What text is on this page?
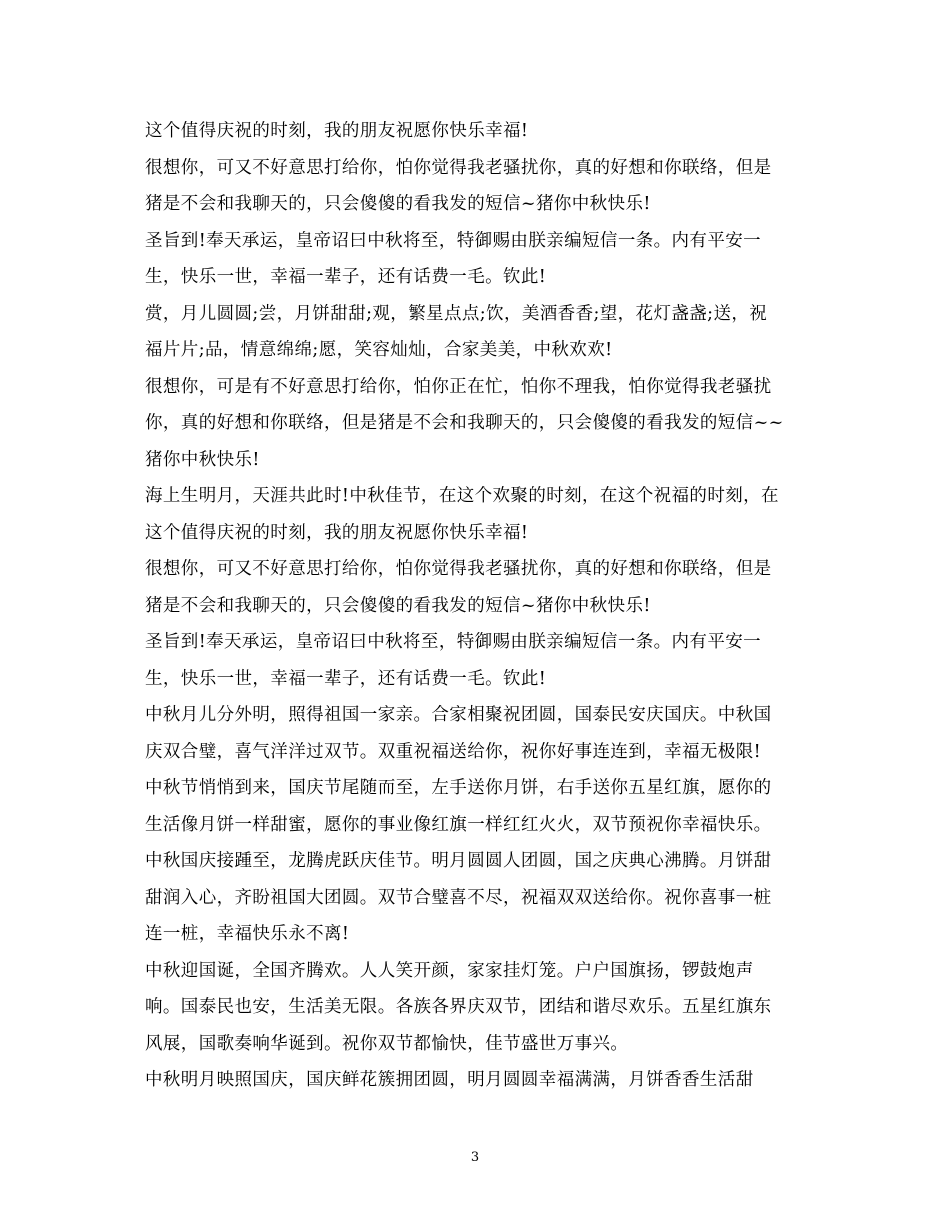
这个值得庆祝的时刻，我的朋友祝愿你快乐幸福!

很想你，可又不好意思打给你，怕你觉得我老骚扰你，真的好想和你联络，但是

猪是不会和我聊天的，只会傻傻的看我发的短信~猪你中秋快乐!

圣旨到!奉天承运，皇帝诏曰中秋将至，特御赐由朕亲编短信一条。内有平安一

生，快乐一世，幸福一辈子，还有话费一毛。钦此!

赏，月儿圆圆;尝，月饼甜甜;观，繁星点点;饮，美酒香香;望，花灯盏盏;送，祝

福片片;品，情意绵绵;愿，笑容灿灿，合家美美，中秋欢欢!

很想你，可是有不好意思打给你，怕你正在忙，怕你不理我，怕你觉得我老骚扰

你，真的好想和你联络，但是猪是不会和我聊天的，只会傻傻的看我发的短信~~

猪你中秋快乐!

海上生明月，天涯共此时!中秋佳节，在这个欢聚的时刻，在这个祝福的时刻，在

这个值得庆祝的时刻，我的朋友祝愿你快乐幸福!

很想你，可又不好意思打给你，怕你觉得我老骚扰你，真的好想和你联络，但是

猪是不会和我聊天的，只会傻傻的看我发的短信~猪你中秋快乐!

圣旨到!奉天承运，皇帝诏曰中秋将至，特御赐由朕亲编短信一条。内有平安一

生，快乐一世，幸福一辈子，还有话费一毛。钦此!

中秋月儿分外明，照得祖国一家亲。合家相聚祝团圆，国泰民安庆国庆。中秋国

庆双合璧，喜气洋洋过双节。双重祝福送给你，祝你好事连连到，幸福无极限!

中秋节悄悄到来，国庆节尾随而至，左手送你月饼，右手送你五星红旗，愿你的

生活像月饼一样甜蜜，愿你的事业像红旗一样红红火火，双节预祝你幸福快乐。

中秋国庆接踵至，龙腾虎跃庆佳节。明月圆圆人团圆，国之庆典心沸腾。月饼甜

甜润入心，齐盼祖国大团圆。双节合璧喜不尽，祝福双双送给你。祝你喜事一桩

连一桩，幸福快乐永不离!

中秋迎国诞，全国齐腾欢。人人笑开颜，家家挂灯笼。户户国旗扬，锣鼓炮声

响。国泰民也安，生活美无限。各族各界庆双节，团结和谐尽欢乐。五星红旗东

风展，国歌奏响华诞到。祝你双节都愉快，佳节盛世万事兴。

中秋明月映照国庆，国庆鲜花簇拥团圆，明月圆圆幸福满满，月饼香香生活甜

3
